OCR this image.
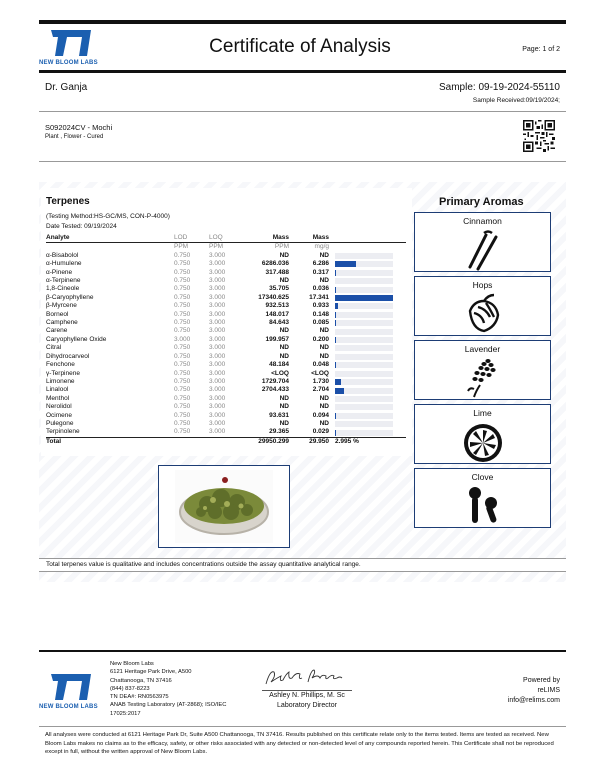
NEW BLOOM LABS
Certificate of Analysis	Page: 1 of 2
Dr. Ganja	Sample: 09-19-2024-55110
Sample Received:09/19/2024;
S092024CV - Mochi
Plant , Flower - Cured
Terpenes
(Testing Method:HS-GC/MS, CON-P-4000)
Date Tested: 09/19/2024
Analyte	LOD	LOQ	Mass	Mass	
	PPM	PPM	PPM	mg/g	
α-Bisabolol	0.750	3.000	ND	ND	

α-Humulene	0.750	3.000	6286.036	6.286	

α-Pinene	0.750	3.000	317.488	0.317	

α-Terpinene	0.750	3.000	ND	ND	

1,8-Cineole	0.750	3.000	35.705	0.036	

β-Caryophyllene	0.750	3.000	17340.625	17.341	

β-Myrcene	0.750	3.000	932.513	0.933	

Borneol	0.750	3.000	148.017	0.148	

Camphene	0.750	3.000	84.643	0.085	

Carene	0.750	3.000	ND	ND	

Caryophyllene Oxide	3.000	3.000	199.957	0.200	

Citral	0.750	3.000	ND	ND	

Dihydrocarveol	0.750	3.000	ND	ND	

Fenchone	0.750	3.000	48.184	0.048	

γ-Terpinene	0.750	3.000	<LOQ	<LOQ	

Limonene	0.750	3.000	1729.704	1.730	

Linalool	0.750	3.000	2704.433	2.704	

Menthol	0.750	3.000	ND	ND	

Nerolidol	0.750	3.000	ND	ND	

Ocimene	0.750	3.000	93.631	0.094	

Pulegone	0.750	3.000	ND	ND	

Terpinolene	0.750	3.000	29.365	0.029	

Total			29950.299	29.950	2.995 %
Primary Aromas
Cinnamon
Hops
Lavender
Lime
Clove
Total terpenes value is qualitative and includes concentrations outside the assay quantitative analytical range.
NEW BLOOM LABS
New Bloom Labs
6121 Heritage Park Drive, A500
Chattanooga, TN 37416
(844) 837-8223
TN DEA#: RN0563975
ANAB Testing Laboratory (AT-2868); ISO/IEC
17025:2017
Ashley N. Phillips, M. Sc
Laboratory Director
Powered by
reLIMS
info@relims.com
All analyses were conducted at 6121 Heritage Park Dr, Suite A500 Chattanooga, TN 37416. Results published on this certificate relate only to the items tested. Items are tested as received. New Bloom Labs makes no claims as to the efficacy, safety, or other risks associated with any detected or non-detected level of any compounds reported herein. This Certificate shall not be reproduced except in full, without the written approval of New Bloom Labs.
